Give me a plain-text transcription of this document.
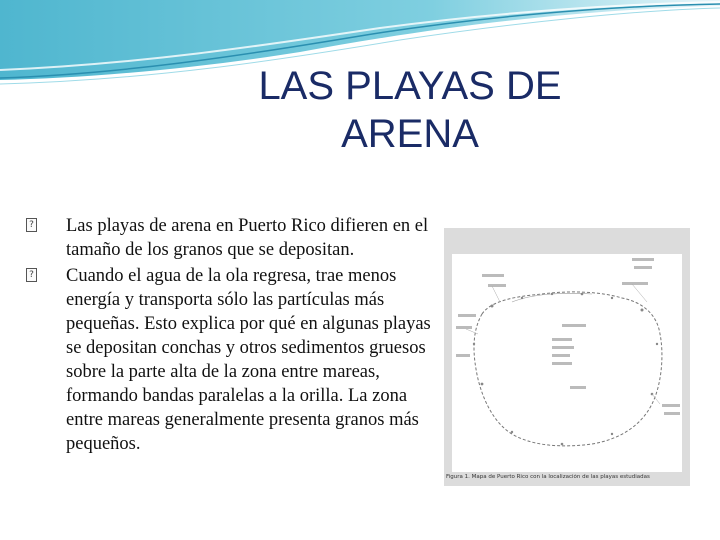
LAS PLAYAS DE
ARENA

? Las playas de arena en Puerto Rico difieren en el tamaño de los granos que se depositan.

? Cuando el agua de la ola regresa, trae menos energía y transporta sólo las partículas más pequeñas. Esto explica por qué en algunas playas se depositan conchas y otros sedimentos gruesos sobre la parte alta de la zona entre mareas, formando bandas paralelas a la orilla. La zona entre mareas generalmente presenta granos más pequeños.

Figura 1. Mapa de Puerto Rico con la localización de las playas estudiadas
